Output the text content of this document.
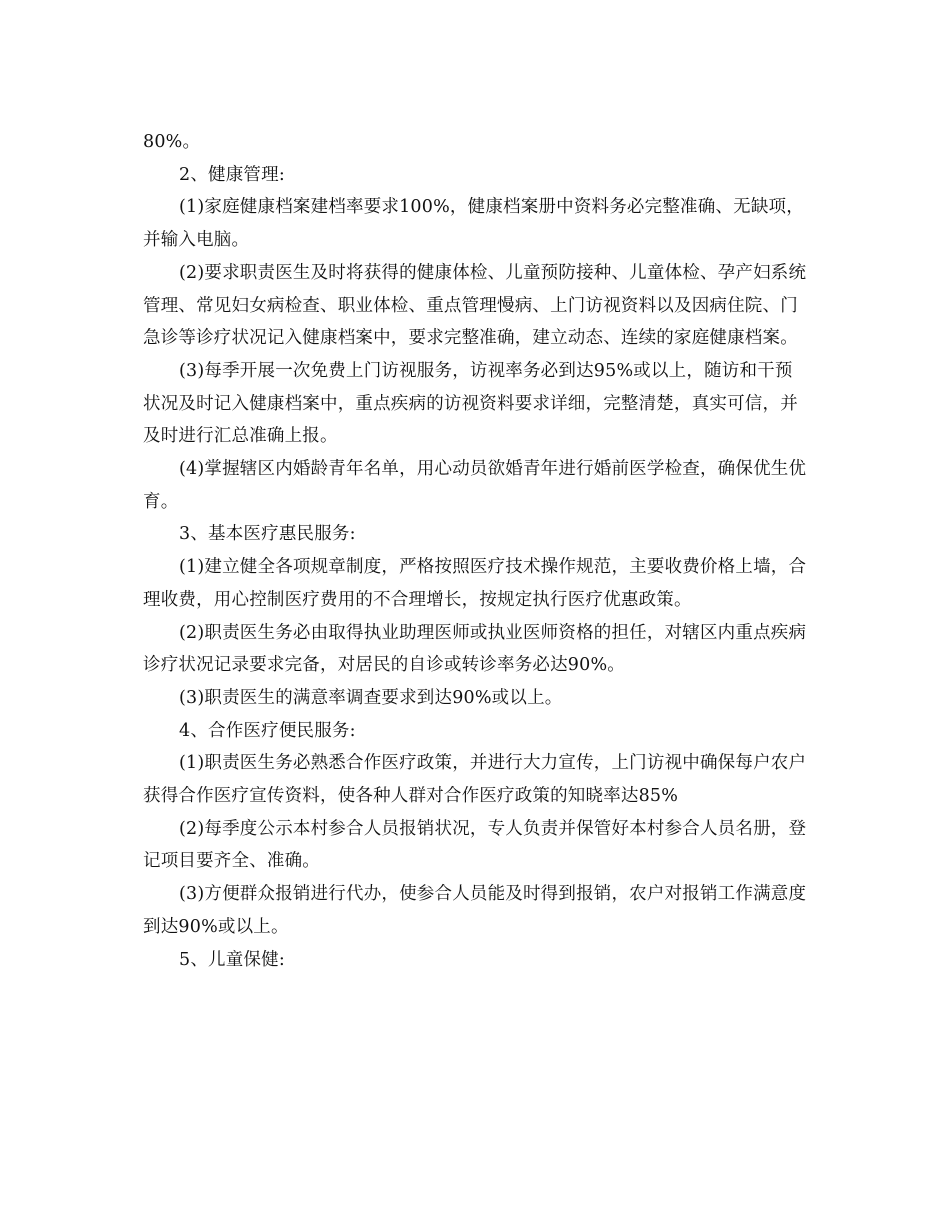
80%。

2、健康管理:

(1)家庭健康档案建档率要求100%，健康档案册中资料务必完整准确、无缺项，并输入电脑。

(2)要求职责医生及时将获得的健康体检、儿童预防接种、儿童体检、孕产妇系统管理、常见妇女病检查、职业体检、重点管理慢病、上门访视资料以及因病住院、门急诊等诊疗状况记入健康档案中，要求完整准确，建立动态、连续的家庭健康档案。

(3)每季开展一次免费上门访视服务，访视率务必到达95%或以上，随访和干预状况及时记入健康档案中，重点疾病的访视资料要求详细，完整清楚，真实可信，并及时进行汇总准确上报。

(4)掌握辖区内婚龄青年名单，用心动员欲婚青年进行婚前医学检查，确保优生优育。

3、基本医疗惠民服务:

(1)建立健全各项规章制度，严格按照医疗技术操作规范，主要收费价格上墙，合理收费，用心控制医疗费用的不合理增长，按规定执行医疗优惠政策。

(2)职责医生务必由取得执业助理医师或执业医师资格的担任，对辖区内重点疾病诊疗状况记录要求完备，对居民的自诊或转诊率务必达90%。

(3)职责医生的满意率调查要求到达90%或以上。

4、合作医疗便民服务:

(1)职责医生务必熟悉合作医疗政策，并进行大力宣传，上门访视中确保每户农户获得合作医疗宣传资料，使各种人群对合作医疗政策的知晓率达85%

(2)每季度公示本村参合人员报销状况，专人负责并保管好本村参合人员名册，登记项目要齐全、准确。

(3)方便群众报销进行代办，使参合人员能及时得到报销，农户对报销工作满意度到达90%或以上。

5、儿童保健:
